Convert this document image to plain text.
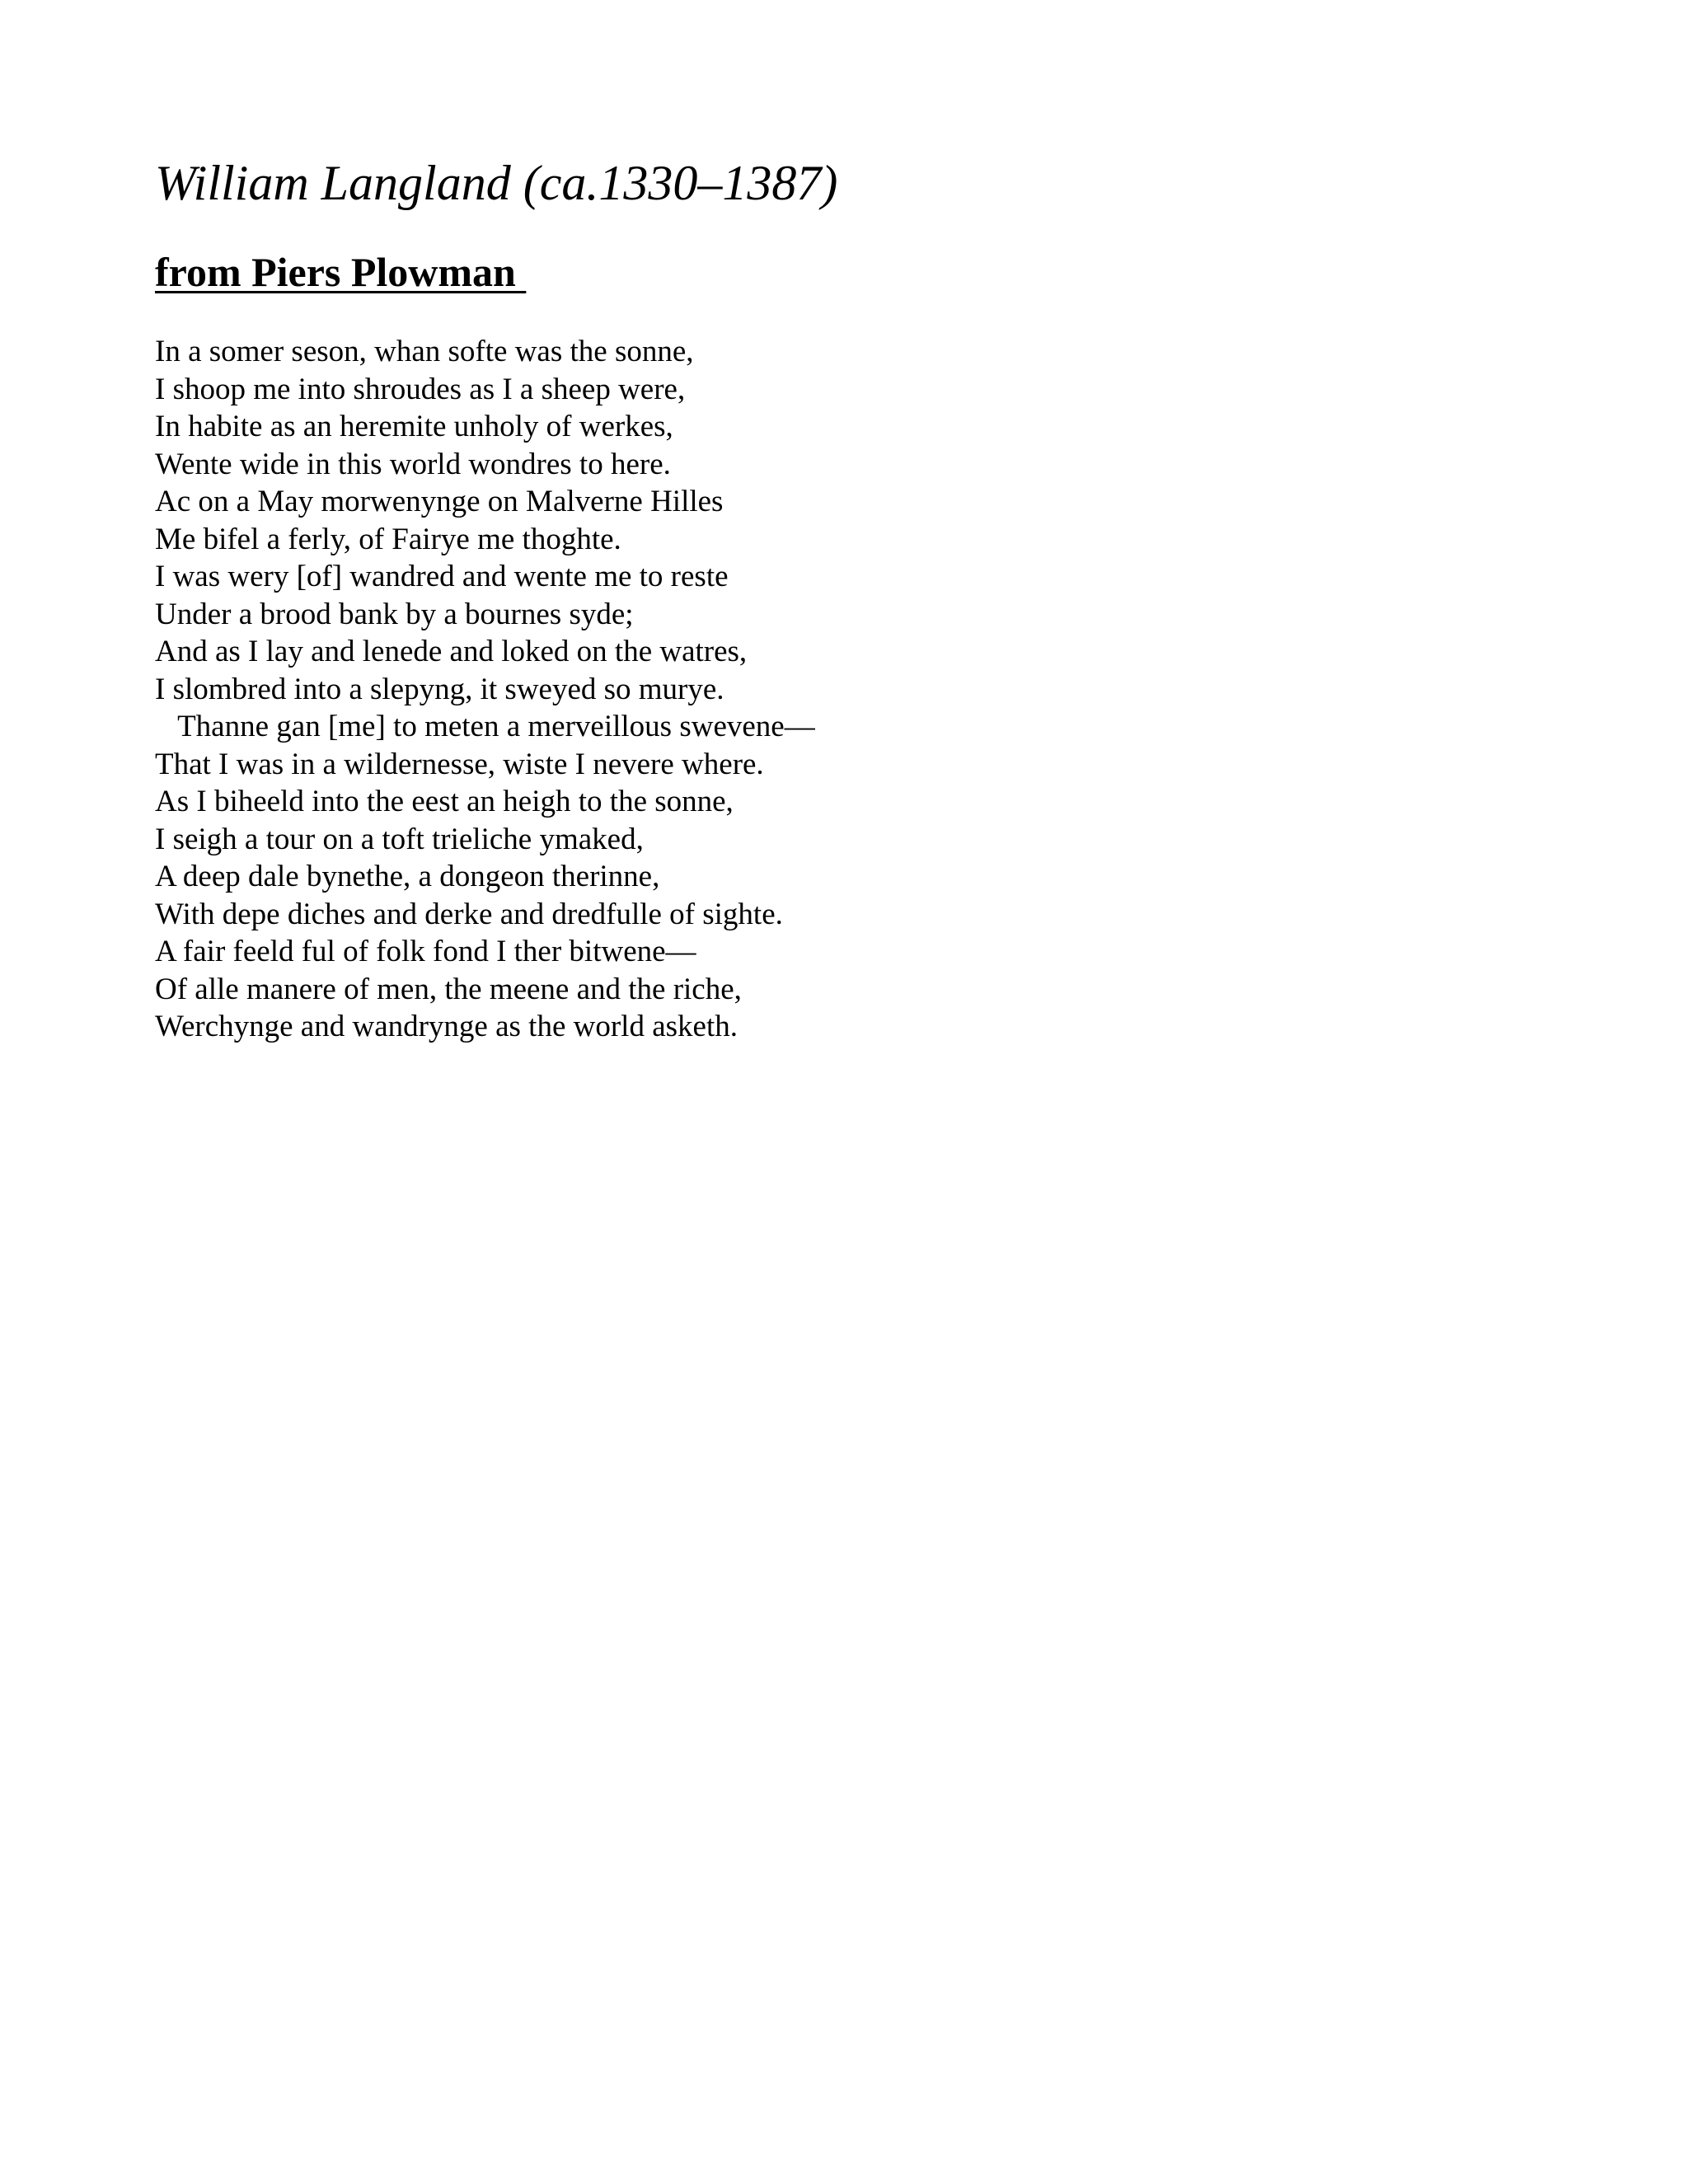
William Langland (ca.1330–1387)
from Piers Plowman
In a somer seson, whan softe was the sonne,
I shoop me into shroudes as I a sheep were,
In habite as an heremite unholy of werkes,
Wente wide in this world wondres to here.
Ac on a May morwenynge on Malverne Hilles
Me bifel a ferly, of Fairye me thoghte.
I was wery [of] wandred and wente me to reste
Under a brood bank by a bournes syde;
And as I lay and lenede and loked on the watres,
I slombred into a slepyng, it sweyed so murye.
Thanne gan [me] to meten a merveillous swevene—
That I was in a wildernesse, wiste I nevere where.
As I biheeld into the eest an heigh to the sonne,
I seigh a tour on a toft trieliche ymaked,
A deep dale bynethe, a dongeon therinne,
With depe diches and derke and dredfulle of sighte.
A fair feeld ful of folk fond I ther bitwene—
Of alle manere of men, the meene and the riche,
Werchynge and wandrynge as the world asketh.
